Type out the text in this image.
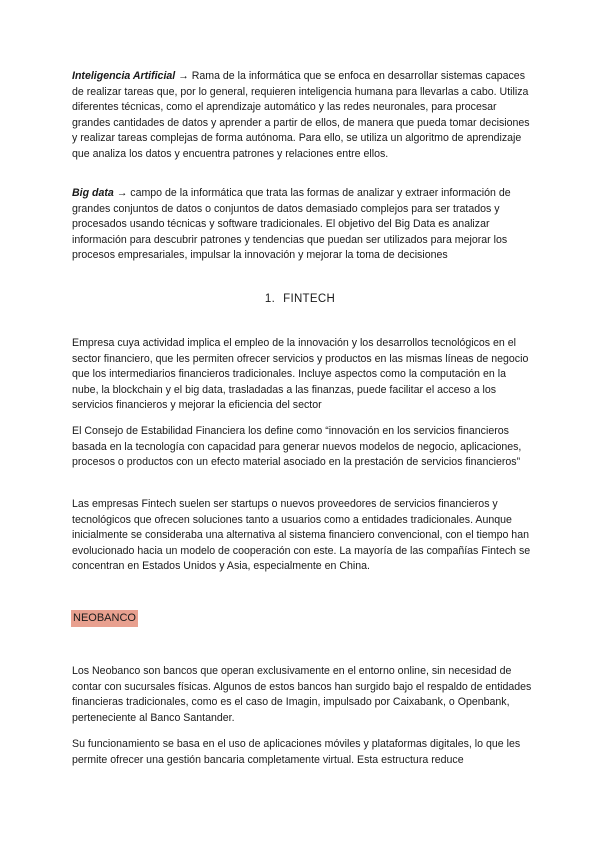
Inteligencia Artificial → Rama de la informática que se enfoca en desarrollar sistemas capaces de realizar tareas que, por lo general, requieren inteligencia humana para llevarlas a cabo. Utiliza diferentes técnicas, como el aprendizaje automático y las redes neuronales, para procesar grandes cantidades de datos y aprender a partir de ellos, de manera que pueda tomar decisiones y realizar tareas complejas de forma autónoma. Para ello, se utiliza un algoritmo de aprendizaje que analiza los datos y encuentra patrones y relaciones entre ellos.

Big data → campo de la informática que trata las formas de analizar y extraer información de grandes conjuntos de datos o conjuntos de datos demasiado complejos para ser tratados y procesados usando técnicas y software tradicionales. El objetivo del Big Data es analizar información para descubrir patrones y tendencias que puedan ser utilizados para mejorar los procesos empresariales, impulsar la innovación y mejorar la toma de decisiones

1. FINTECH

Empresa cuya actividad implica el empleo de la innovación y los desarrollos tecnológicos en el sector financiero, que les permiten ofrecer servicios y productos en las mismas líneas de negocio que los intermediarios financieros tradicionales. Incluye aspectos como la computación en la nube, la blockchain y el big data, trasladadas a las finanzas, puede facilitar el acceso a los servicios financieros y mejorar la eficiencia del sector

El Consejo de Estabilidad Financiera los define como “innovación en los servicios financieros basada en la tecnología con capacidad para generar nuevos modelos de negocio, aplicaciones, procesos o productos con un efecto material asociado en la prestación de servicios financieros”

Las empresas Fintech suelen ser startups o nuevos proveedores de servicios financieros y tecnológicos que ofrecen soluciones tanto a usuarios como a entidades tradicionales. Aunque inicialmente se consideraba una alternativa al sistema financiero convencional, con el tiempo han evolucionado hacia un modelo de cooperación con este. La mayoría de las compañías Fintech se concentran en Estados Unidos y Asia, especialmente en China.

NEOBANCO

Los Neobanco son bancos que operan exclusivamente en el entorno online, sin necesidad de contar con sucursales físicas. Algunos de estos bancos han surgido bajo el respaldo de entidades financieras tradicionales, como es el caso de Imagin, impulsado por Caixabank, o Openbank, perteneciente al Banco Santander.

Su funcionamiento se basa en el uso de aplicaciones móviles y plataformas digitales, lo que les permite ofrecer una gestión bancaria completamente virtual. Esta estructura reduce
